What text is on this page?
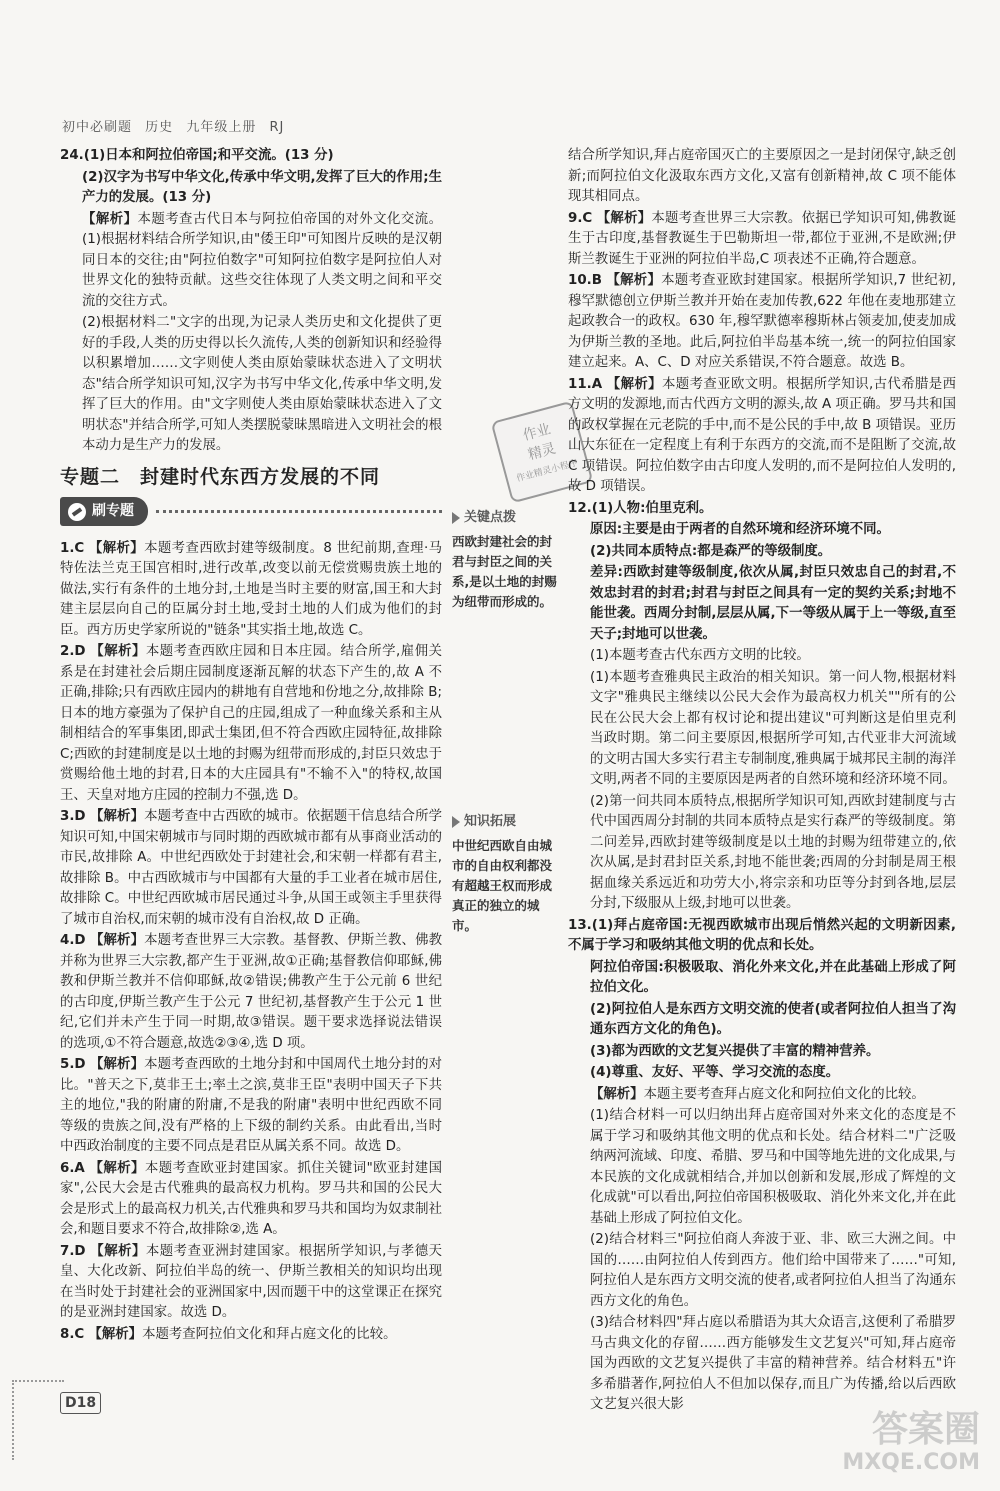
初中必刷题 历史 九年级上册 RJ
24.(1)日本和阿拉伯帝国;和平交流。(13 分)
(2)汉字为书写中华文化,传承中华文明,发挥了巨大的作用;生产力的发展。(13 分)
【解析】本题考查古代日本与阿拉伯帝国的对外文化交流。(1)根据材料结合所学知识,由"倭王印"可知图片反映的是汉朝同日本的交往;由"阿拉伯数字"可知阿拉伯数字是阿拉伯人对世界文化的独特贡献。这些交往体现了人类文明之间和平交流的交往方式。
(2)根据材料二"文字的出现,为记录人类历史和文化提供了更好的手段,人类的历史得以长久流传,人类的创新知识和经验得以积累增加……文字则使人类由原始蒙昧状态进入了文明状态"结合所学知识可知,汉字为书写中华文化,传承中华文明,发挥了巨大的作用。由"文字则使人类由原始蒙昧状态进入了文明状态"并结合所学,可知人类摆脱蒙昧黑暗进入文明社会的根本动力是生产力的发展。
专题二 封建时代东西方发展的不同
刷专题
1.C 【解析】本题考查西欧封建等级制度。8 世纪前期,查理·马特佐法兰克王国宫相时,进行改革,改变以前无偿赏赐贵族土地的做法,实行有条件的土地分封,土地是当时主要的财富,国王和大封建主层层向自己的臣属分封土地,受封土地的人们成为他们的封臣。西方历史学家所说的"链条"其实指土地,故选 C。
2.D 【解析】本题考查西欧庄园和日本庄园。结合所学,雇佣关系是在封建社会后期庄园制度逐渐瓦解的状态下产生的,故 A 不正确,排除;只有西欧庄园内的耕地有自营地和份地之分,故排除 B;日本的地方豪强为了保护自己的庄园,组成了一种血缘关系和主从制相结合的军事集团,即武士集团,但不符合西欧庄园特征,故排除 C;西欧的封建制度是以土地的封赐为纽带而形成的,封臣只效忠于赏赐给他土地的封君,日本的大庄园具有"不输不入"的特权,故国王、天皇对地方庄园的控制力不强,选 D。
3.D 【解析】本题考查中古西欧的城市。依据题干信息结合所学知识可知,中国宋朝城市与同时期的西欧城市都有从事商业活动的市民,故排除 A。中世纪西欧处于封建社会,和宋朝一样都有君主,故排除 B。中古西欧城市与中国都有大量的手工业者在城市居住,故排除 C。中世纪西欧城市居民通过斗争,从国王或领主手里获得了城市自治权,而宋朝的城市没有自治权,故 D 正确。
4.D 【解析】本题考查世界三大宗教。基督教、伊斯兰教、佛教并称为世界三大宗教,都产生于亚洲,故①正确;基督教信仰耶稣,佛教和伊斯兰教并不信仰耶稣,故②错误;佛教产生于公元前 6 世纪的古印度,伊斯兰教产生于公元 7 世纪初,基督教产生于公元 1 世纪,它们并未产生于同一时期,故③错误。题干要求选择说法错误的选项,①不符合题意,故选②③④,选 D 项。
5.D 【解析】本题考查西欧的土地分封和中国周代土地分封的对比。"普天之下,莫非王土;率土之滨,莫非王臣"表明中国天子下共主的地位,"我的附庸的附庸,不是我的附庸"表明中世纪西欧不同等级的贵族之间,没有严格的上下级的制约关系。由此看出,当时中西政治制度的主要不同点是君臣从属关系不同。故选 D。
6.A 【解析】本题考查欧亚封建国家。抓住关键词"欧亚封建国家",公民大会是古代雅典的最高权力机构。罗马共和国的公民大会是形式上的最高权力机关,古代雅典和罗马共和国均为奴隶制社会,和题目要求不符合,故排除②,选 A。
7.D 【解析】本题考查亚洲封建国家。根据所学知识,与孝德天皇、大化改新、阿拉伯半岛的统一、伊斯兰教相关的知识均出现在当时处于封建社会的亚洲国家中,因而题干中的这堂课正在探究的是亚洲封建国家。故选 D。
8.C 【解析】本题考查阿拉伯文化和拜占庭文化的比较。
关键点拨
西欧封建社会的封君与封臣之间的关系,是以土地的封赐为纽带而形成的。
知识拓展
中世纪西欧自由城市的自由权利都没有超越王权而形成真正的独立的城市。
作业
精灵
作业精灵小程序
结合所学知识,拜占庭帝国灭亡的主要原因之一是封闭保守,缺乏创新;而阿拉伯文化汲取东西方文化,又富有创新精神,故 C 项不能体现其相同点。
9.C 【解析】本题考查世界三大宗教。依据已学知识可知,佛教诞生于古印度,基督教诞生于巴勒斯坦一带,都位于亚洲,不是欧洲;伊斯兰教诞生于亚洲的阿拉伯半岛,C 项表述不正确,符合题意。
10.B 【解析】本题考查亚欧封建国家。根据所学知识,7 世纪初,穆罕默德创立伊斯兰教并开始在麦加传教,622 年他在麦地那建立起政教合一的政权。630 年,穆罕默德率穆斯林占领麦加,使麦加成为伊斯兰教的圣地。此后,阿拉伯半岛基本统一,统一的阿拉伯国家建立起来。A、C、D 对应关系错误,不符合题意。故选 B。
11.A 【解析】本题考查亚欧文明。根据所学知识,古代希腊是西方文明的发源地,而古代西方文明的源头,故 A 项正确。罗马共和国的政权掌握在元老院的手中,而不是公民的手中,故 B 项错误。亚历山大东征在一定程度上有利于东西方的交流,而不是阻断了交流,故 C 项错误。阿拉伯数字由古印度人发明的,而不是阿拉伯人发明的,故 D 项错误。
12.(1)人物:伯里克利。
原因:主要是由于两者的自然环境和经济环境不同。
(2)共同本质特点:都是森严的等级制度。
差异:西欧封建等级制度,依次从属,封臣只效忠自己的封君,不效忠封君的封君;封君与封臣之间具有一定的契约关系;封地不能世袭。西周分封制,层层从属,下一等级从属于上一等级,直至天子;封地可以世袭。
(1)本题考查古代东西方文明的比较。
(1)本题考查雅典民主政治的相关知识。第一问人物,根据材料文字"雅典民主继续以公民大会作为最高权力机关""所有的公民在公民大会上都有权讨论和提出建议"可判断这是伯里克利当政时期。第二问主要原因,根据所学可知,古代亚非大河流域的文明古国大多实行君主专制制度,雅典属于城邦民主制的海洋文明,两者不同的主要原因是两者的自然环境和经济环境不同。
(2)第一问共同本质特点,根据所学知识可知,西欧封建制度与古代中国西周分封制的共同本质特点是实行森严的等级制度。第二问差异,西欧封建等级制度是以土地的封赐为纽带建立的,依次从属,是封君封臣关系,封地不能世袭;西周的分封制是周王根据血缘关系远近和功劳大小,将宗亲和功臣等分封到各地,层层分封,下级服从上级,封地可以世袭。
13.(1)拜占庭帝国:无视西欧城市出现后悄然兴起的文明新因素,不属于学习和吸纳其他文明的优点和长处。
阿拉伯帝国:积极吸取、消化外来文化,并在此基础上形成了阿拉伯文化。
(2)阿拉伯人是东西方文明交流的使者(或者阿拉伯人担当了沟通东西方文化的角色)。
(3)都为西欧的文艺复兴提供了丰富的精神营养。
(4)尊重、友好、平等、学习交流的态度。
【解析】本题主要考查拜占庭文化和阿拉伯文化的比较。
(1)结合材料一可以归纳出拜占庭帝国对外来文化的态度是不属于学习和吸纳其他文明的优点和长处。结合材料二"广泛吸纳两河流域、印度、希腊、罗马和中国等地先进的文化成果,与本民族的文化成就相结合,并加以创新和发展,形成了辉煌的文化成就"可以看出,阿拉伯帝国积极吸取、消化外来文化,并在此基础上形成了阿拉伯文化。
(2)结合材料三"阿拉伯商人奔波于亚、非、欧三大洲之间。中国的……由阿拉伯人传到西方。他们给中国带来了……"可知,阿拉伯人是东西方文明交流的使者,或者阿拉伯人担当了沟通东西方文化的角色。
(3)结合材料四"拜占庭以希腊语为其大众语言,这便利了希腊罗马古典文化的存留……西方能够发生文艺复兴"可知,拜占庭帝国为西欧的文艺复兴提供了丰富的精神营养。结合材料五"许多希腊著作,阿拉伯人不但加以保存,而且广为传播,给以后西欧文艺复兴很大影
D18
答案圈
MXQE.COM
